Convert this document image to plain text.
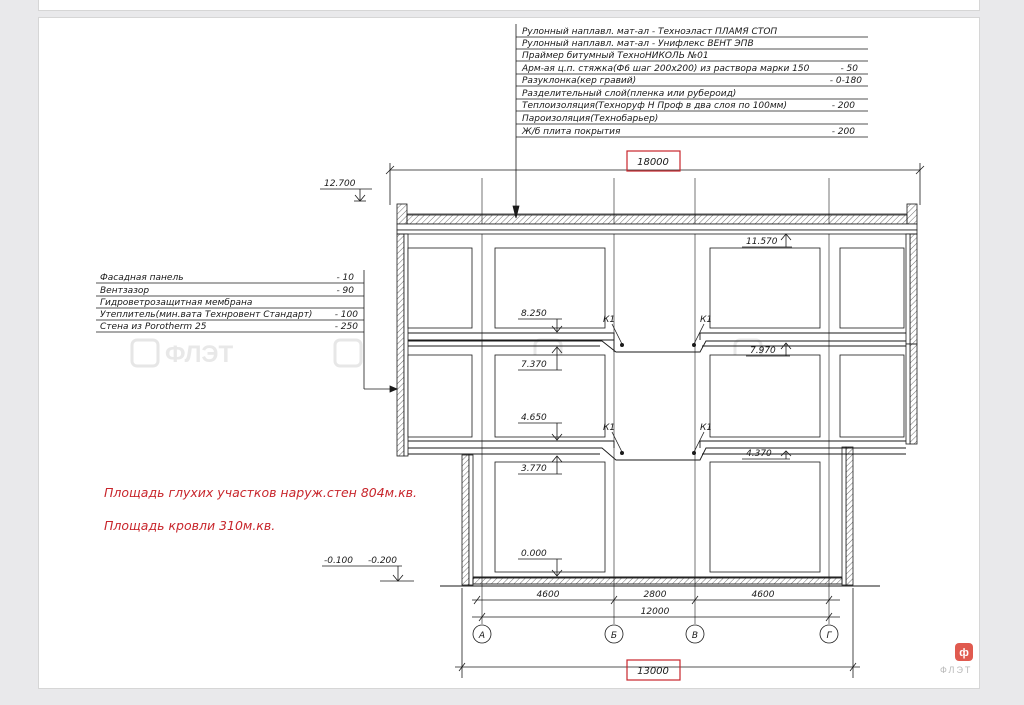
ФЛЭТ
Рулонный наплавл. мат-ал - Техноэласт ПЛАМЯ СТОП
Рулонный наплавл. мат-ал - Унифлекс ВЕНТ ЭПВ
Праймер битумный ТехноНИКОЛЬ №01
Арм-ая ц.п. стяжка(Ф6 шаг 200х200) из раствора марки 150	- 50
Разуклонка(кер гравий)	- 0-180
Разделительный слой(пленка или рубероид)
Теплоизоляция(Техноруф Н Проф в два слоя по 100мм)	- 200
Пароизоляция(Технобарьер)
Ж/б плита покрытия	- 200
18000
12.700
Фасадная панель	- 10
Вентзазор	- 90
Гидроветрозащитная мембрана
Утеплитель(мин.вата Технровент Стандарт) - 100
Стена из Porotherm 25	- 250
11.570
8.250
7.970
7.370
4.650
4.370
3.770
0.000
-0.100 -0.200
К1	К1
К1	К1
Площадь глухих участков наруж.стен 804м.кв.
Площадь кровли 310м.кв.
4600	2800	4600
12000
13000
А	Б	В	Г
ф
ФЛЭТ
